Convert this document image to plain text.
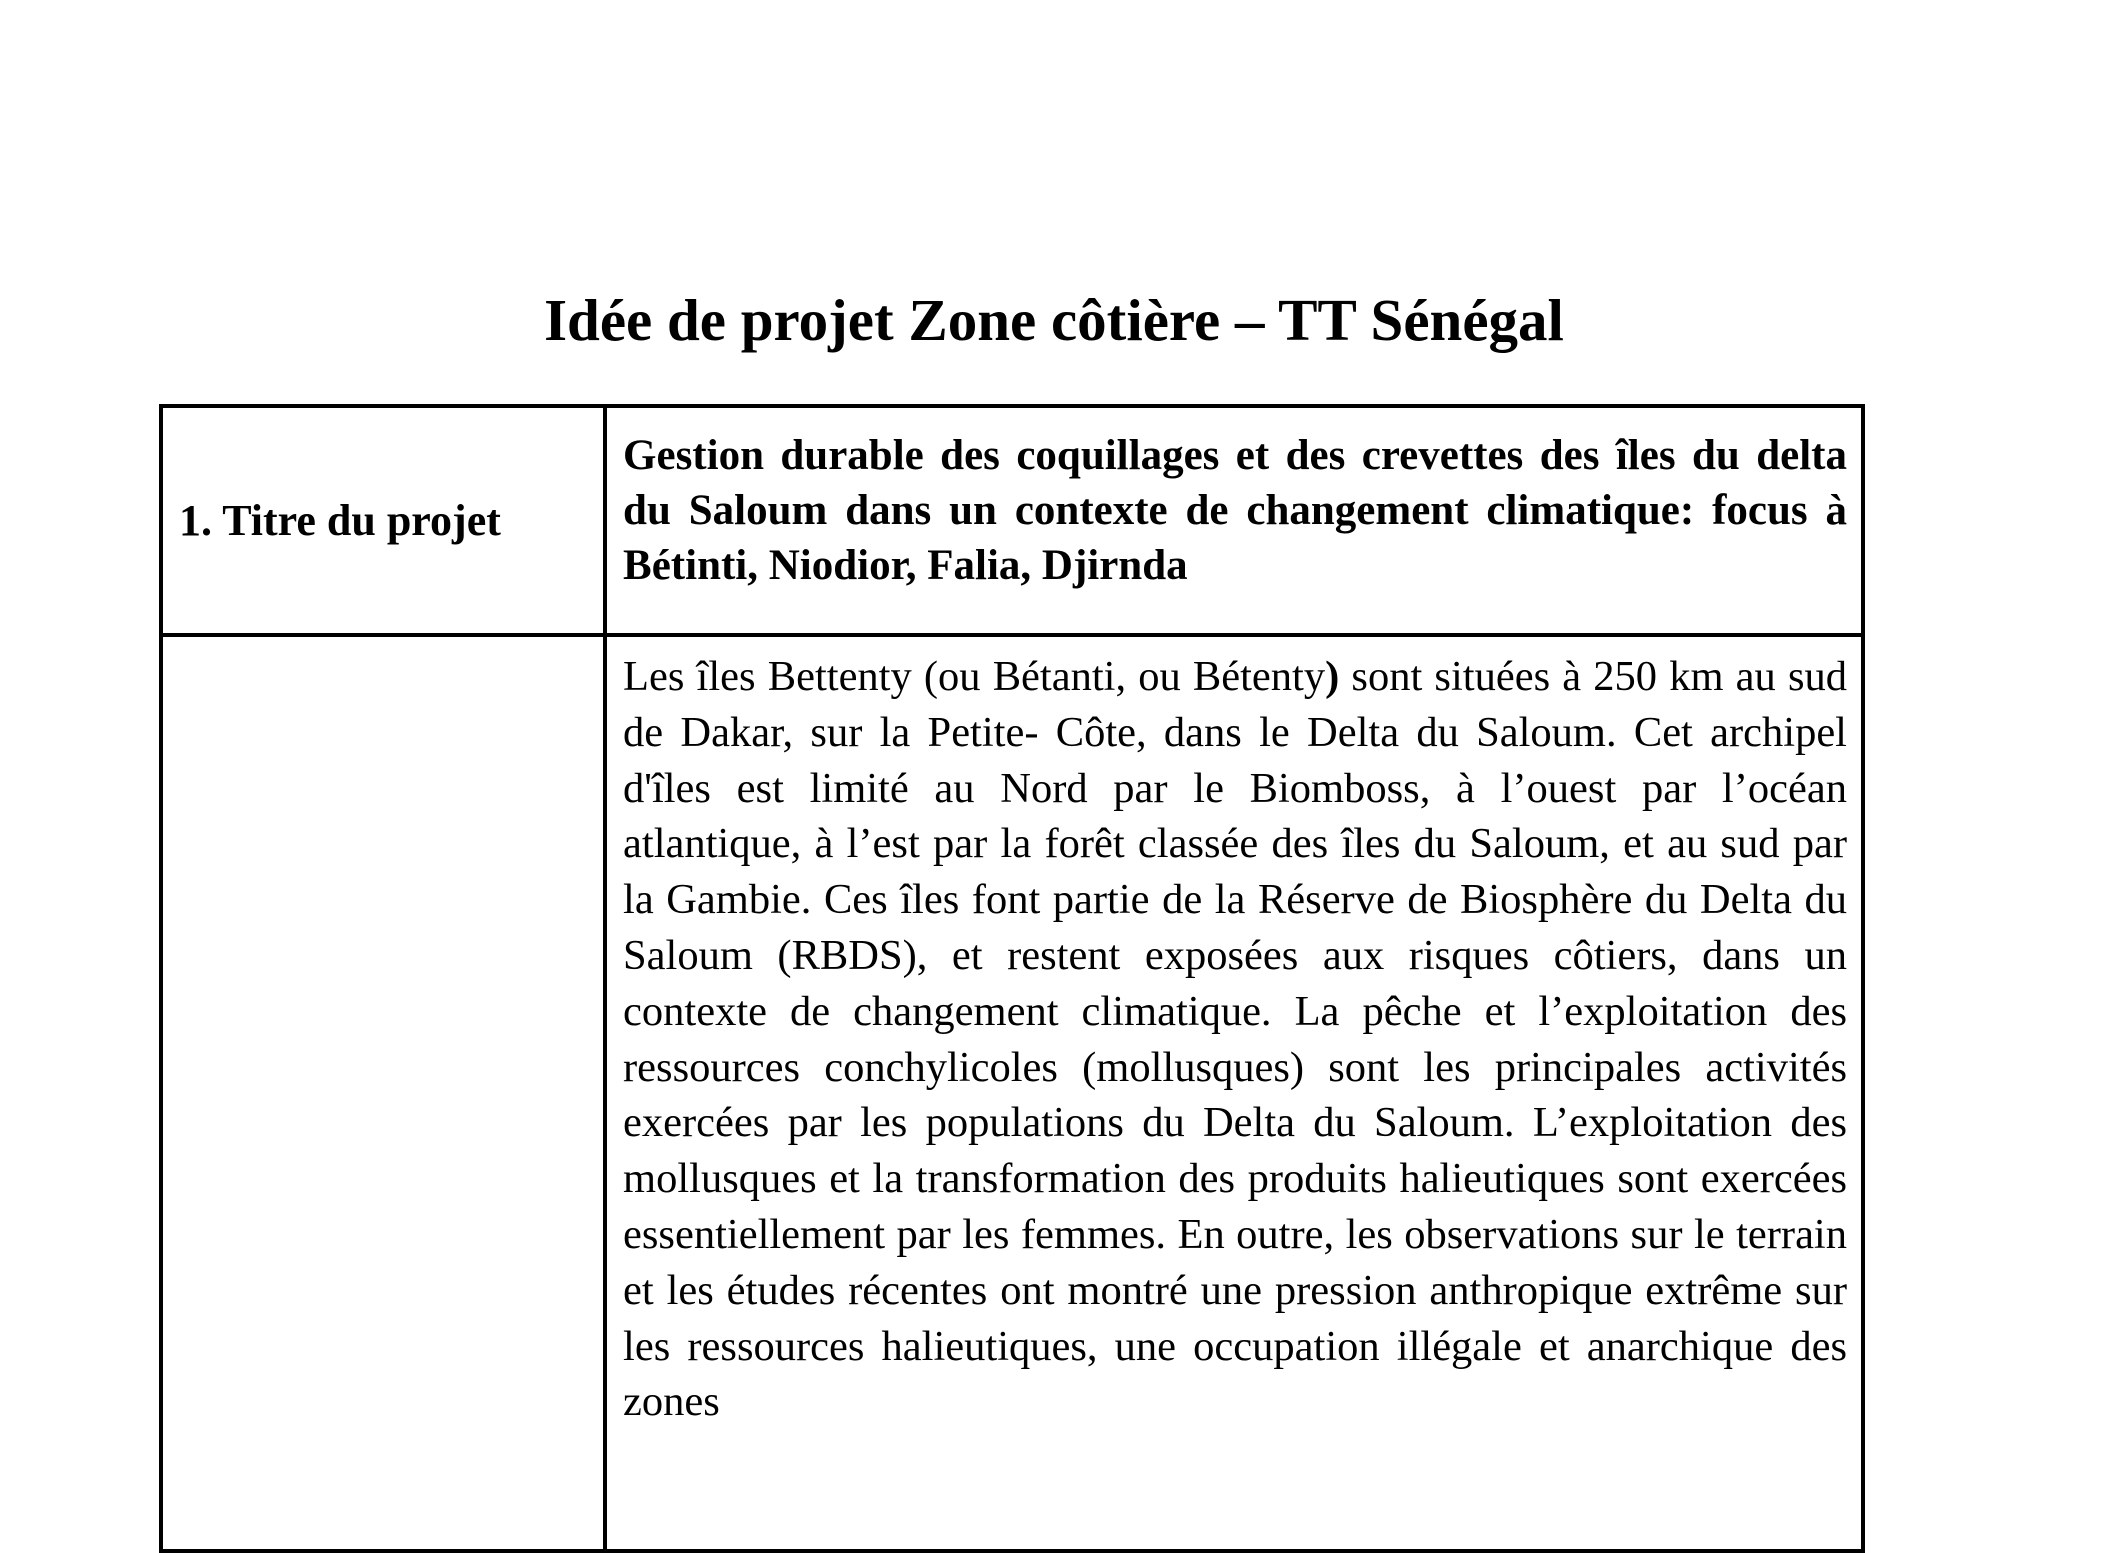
Idée de projet Zone côtière – TT Sénégal
1. Titre du projet	Gestion durable des coquillages et des crevettes des îles du delta du Saloum dans un contexte de changement climatique: focus à Bétinti, Niodior, Falia, Djirnda
	Les îles Bettenty (ou Bétanti, ou Bétenty) sont situées à 250 km au sud de Dakar, sur la Petite- Côte, dans le Delta du Saloum. Cet archipel d'îles est limité au Nord par le Biomboss, à l’ouest par l’océan atlantique, à l’est par la forêt classée des îles du Saloum, et au sud par la Gambie. Ces îles font partie de la Réserve de Biosphère du Delta du Saloum (RBDS), et restent exposées aux risques côtiers, dans un contexte de changement climatique. La pêche et l’exploitation des ressources conchylicoles (mollusques) sont les principales activités exercées par les populations du Delta du Saloum. L’exploitation des mollusques et la transformation des produits halieutiques sont exercées essentiellement par les femmes. En outre, les observations sur le terrain et les études récentes ont montré une pression anthropique extrême sur les ressources halieutiques, une occupation illégale et anarchique des zones
